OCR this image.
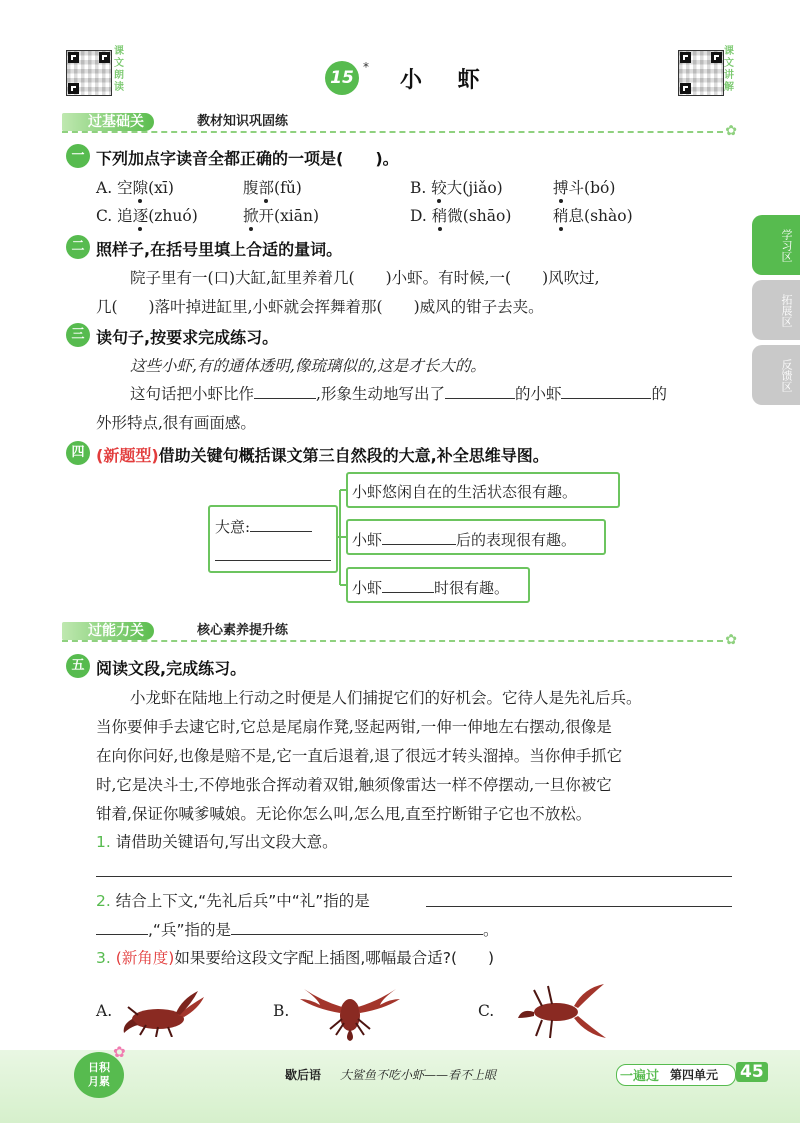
课文朗读
课文讲解
15
*
小 虾
学习区
拓展区
反馈区
过基础关	教材知识巩固练
✿
一 下列加点字读音全都正确的一项是(　　)。
A. 空隙(xī)	腹部(fǔ)	B. 较大(jiǎo)	搏斗(bó)
C. 追逐(zhuó)	掀开(xiān)	D. 稍微(shāo)	稍息(shào)
二 照样子,在括号里填上合适的量词。
院子里有一(口)大缸,缸里养着几(　　)小虾。有时候,一(　　)风吹过,
几(　　)落叶掉进缸里,小虾就会挥舞着那(　　)威风的钳子去夹。
三 读句子,按要求完成练习。
这些小虾,有的通体透明,像琉璃似的,这是才长大的。
这句话把小虾比作	,形象生动地写出了	的小虾	的
外形特点,很有画面感。
四 (新题型)借助关键句概括课文第三自然段的大意,补全思维导图。
大意:
小虾悠闲自在的生活状态很有趣。
小虾	后的表现很有趣。
小虾	时很有趣。
过能力关	核心素养提升练
✿
五 阅读文段,完成练习。
小龙虾在陆地上行动之时便是人们捕捉它们的好机会。它待人是先礼后兵。
当你要伸手去逮它时,它总是尾扇作凳,竖起两钳,一伸一伸地左右摆动,很像是
在向你问好,也像是赔不是,它一直后退着,退了很远才转头溜掉。当你伸手抓它
时,它是决斗士,不停地张合挥动着双钳,触须像雷达一样不停摆动,一旦你被它
钳着,保证你喊爹喊娘。无论你怎么叫,怎么甩,直至拧断钳子它也不放松。
1. 请借助关键语句,写出文段大意。
2. 结合上下文,“先礼后兵”中“礼”指的是
,“兵”指的是	。
3. (新角度)如果要给这段文字配上插图,哪幅最合适?(　　)
A.	B.	C.
日积
月累
✿
歇后语 大鲨鱼不吃小虾——看不上眼	一遍过 第四单元 45
